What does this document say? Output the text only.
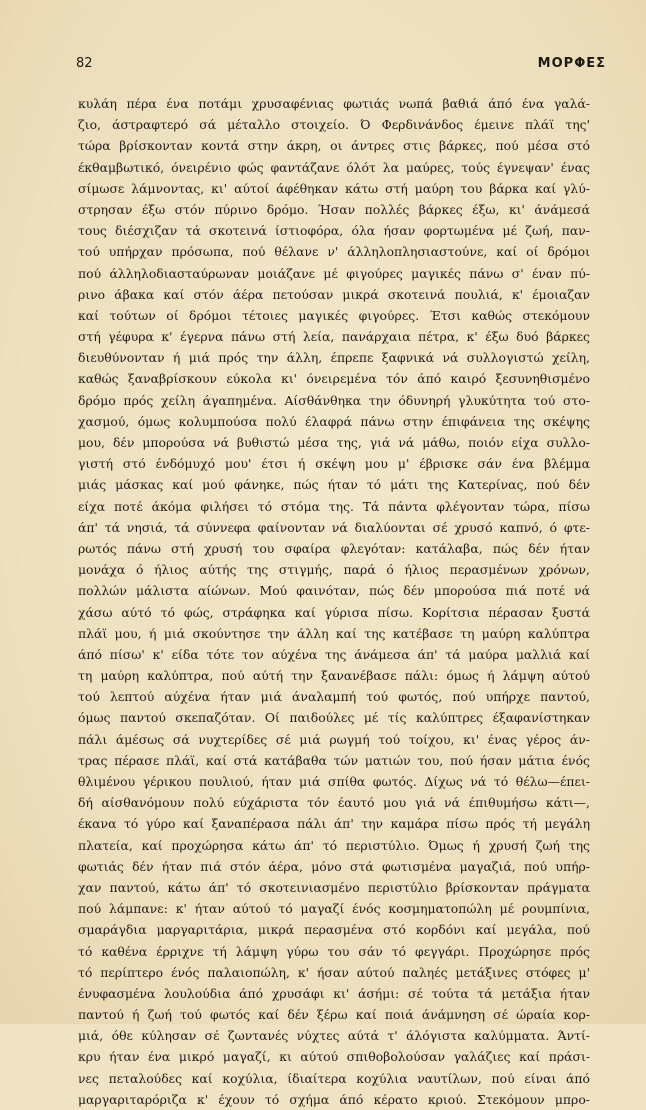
82	ΜΟΡΦΕΣ
κυλάη πέρα ένα ποτάμι χρυσαφένιας φωτιάς νωπά βαθιά άπό ένα γαλά-
ζιο, άστραφτερό σά μέταλλο στοιχείο. Ό Φερδινάνδος έμεινε πλάϊ της'
τώρα βρίσκονταν κοντά στην άκρη, οι άντρες στις βάρκες, πού μέσα στό
έκθαμβωτικό, όνειρένιο φώς φαντάζανε όλότ λα μαύρες, τούς έγνεψαν' ένας
σίμωσε λάμνοντας, κι' αύτοί άφέθηκαν κάτω στή μαύρη του βάρκα καί γλύ-
στρησαν έξω στόν πύρινο δρόμο. Ήσαν πολλές βάρκες έξω, κι' άνάμεσά
τους διέσχιζαν τά σκοτεινά ίστιοφόρα, όλα ήσαν φορτωμένα μέ ζωή, παν-
τού υπήρχαν πρόσωπα, πού θέλανε ν' άλληλοπλησιαστούνε, καί οί δρόμοι
πού άλληλοδιασταύρωναν μοιάζανε μέ φιγούρες μαγικές πάνω σ' έναν πύ-
ρινο άβακα καί στόν άέρα πετούσαν μικρά σκοτεινά πουλιά, κ' έμοιαζαν
καί τούτων οί δρόμοι τέτοιες μαγικές φιγούρες. Έτσι καθώς στεκόμουν
στή γέφυρα κ' έγερνα πάνω στή λεία, πανάρχαια πέτρα, κ' έξω δυό βάρκες
διευθύνονταν ή μιά πρός την άλλη, έπρεπε ξαφνικά νά συλλογιστώ χείλη,
καθώς ξαναβρίσκουν εύκολα κι' όνειρεμένα τόν άπό καιρό ξεσυνηθισμένο
δρόμο πρός χείλη άγαπημένα. Αίσθάνθηκα την όδυνηρή γλυκύτητα τού στο-
χασμού, όμως κολυμπούσα πολύ έλαφρά πάνω στην έπιφάνεια της σκέψης
μου, δέν μπορούσα νά βυθιστώ μέσα της, γιά νά μάθω, ποιόν είχα συλλο-
γιστή στό ένδόμυχό μου' έτσι ή σκέψη μου μ' έβρισκε σάν ένα βλέμμα
μιάς μάσκας καί μού φάνηκε, πώς ήταν τό μάτι της Κατερίνας, πού δέν
είχα ποτέ άκόμα φιλήσει τό στόμα της. Τά πάντα φλέγονταν τώρα, πίσω
άπ' τά νησιά, τά σύννεφα φαίνονταν νά διαλύονται σέ χρυσό καπνό, ό φτε-
ρωτός πάνω στή χρυσή του σφαίρα φλεγόταν: κατάλαβα, πώς δέν ήταν
μονάχα ό ήλιος αύτής της στιγμής, παρά ό ήλιος περασμένων χρόνων,
πολλών μάλιστα αίώνων. Μού φαινόταν, πώς δέν μπορούσα πιά ποτέ νά
χάσω αύτό τό φώς, στράφηκα καί γύρισα πίσω. Κορίτσια πέρασαν ξυστά
πλάϊ μου, ή μιά σκούντησε την άλλη καί της κατέβασε τη μαύρη καλύπτρα
άπό πίσω' κ' είδα τότε τον αύχένα της άνάμεσα άπ' τά μαύρα μαλλιά καί
τη μαύρη καλύπτρα, πού αύτή την ξανανέβασε πάλι: όμως ή λάμψη αύτού
τού λεπτού αύχένα ήταν μιά άναλαμπή τού φωτός, πού υπήρχε παντού,
όμως παντού σκεπαζόταν. Οί παιδούλες μέ τίς καλύπτρες έξαφανίστηκαν
πάλι άμέσως σά νυχτερίδες σέ μιά ρωγμή τού τοίχου, κι' ένας γέρος άν-
τρας πέρασε πλάϊ, καί στά κατάβαθα τών ματιών του, πού ήσαν μάτια ένός
θλιμένου γέρικου πουλιού, ήταν μιά σπίθα φωτός. Δίχως νά τό θέλω—έπει-
δή αίσθανόμουν πολύ εύχάριστα τόν έαυτό μου γιά νά έπιθυμήσω κάτι—,
έκανα τό γύρο καί ξαναπέρασα πάλι άπ' την καμάρα πίσω πρός τή μεγάλη
πλατεία, καί προχώρησα κάτω άπ' τό περιστύλιο. Όμως ή χρυσή ζωή της
φωτιάς δέν ήταν πιά στόν άέρα, μόνο στά φωτισμένα μαγαζιά, πού υπήρ-
χαν παντού, κάτω άπ' τό σκοτεινιασμένο περιστύλιο βρίσκονταν πράγματα
πού λάμπανε: κ' ήταν αύτού τό μαγαζί ένός κοσμηματοπώλη μέ ρουμπίνια,
σμαράγδια μαργαριτάρια, μικρά περασμένα στό κορδόνι καί μεγάλα, πού
τό καθένα έρριχνε τή λάμψη γύρω του σάν τό φεγγάρι. Προχώρησε πρός
τό περίπτερο ένός παλαιοπώλη, κ' ήσαν αύτού παληές μετάξινες στόφες μ'
ένυφασμένα λουλούδια άπό χρυσάφι κι' άσήμι: σέ τούτα τά μετάξια ήταν
παντού ή ζωή τού φωτός καί δέν ξέρω καί ποιά άνάμνηση σέ ώραία κορ-
μιά, όθε κύλησαν σέ ζωντανές νύχτες αύτά τ' άλόγιστα καλύμματα. Άντί-
κρυ ήταν ένα μικρό μαγαζί, κι αύτού σπιθοβολούσαν γαλάζιες καί πράσι-
νες πεταλούδες καί κοχύλια, ίδιαίτερα κοχύλια ναυτίλων, πού είναι άπό
μαργαριταρόριζα κ' έχουν τό σχήμα άπό κέρατο κριού. Στεκόμουν μπρο-
